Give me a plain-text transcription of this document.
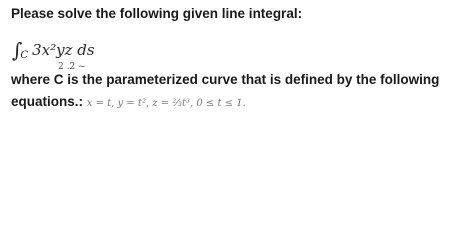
Please solve the following given line integral:
$\int_C$ 3x²yz ds
2 .2 ~
where C is the parameterized curve that is defined by the following
equations.: x = t, y = t², z = ⅔t³, 0 ≤ t ≤ 1.
